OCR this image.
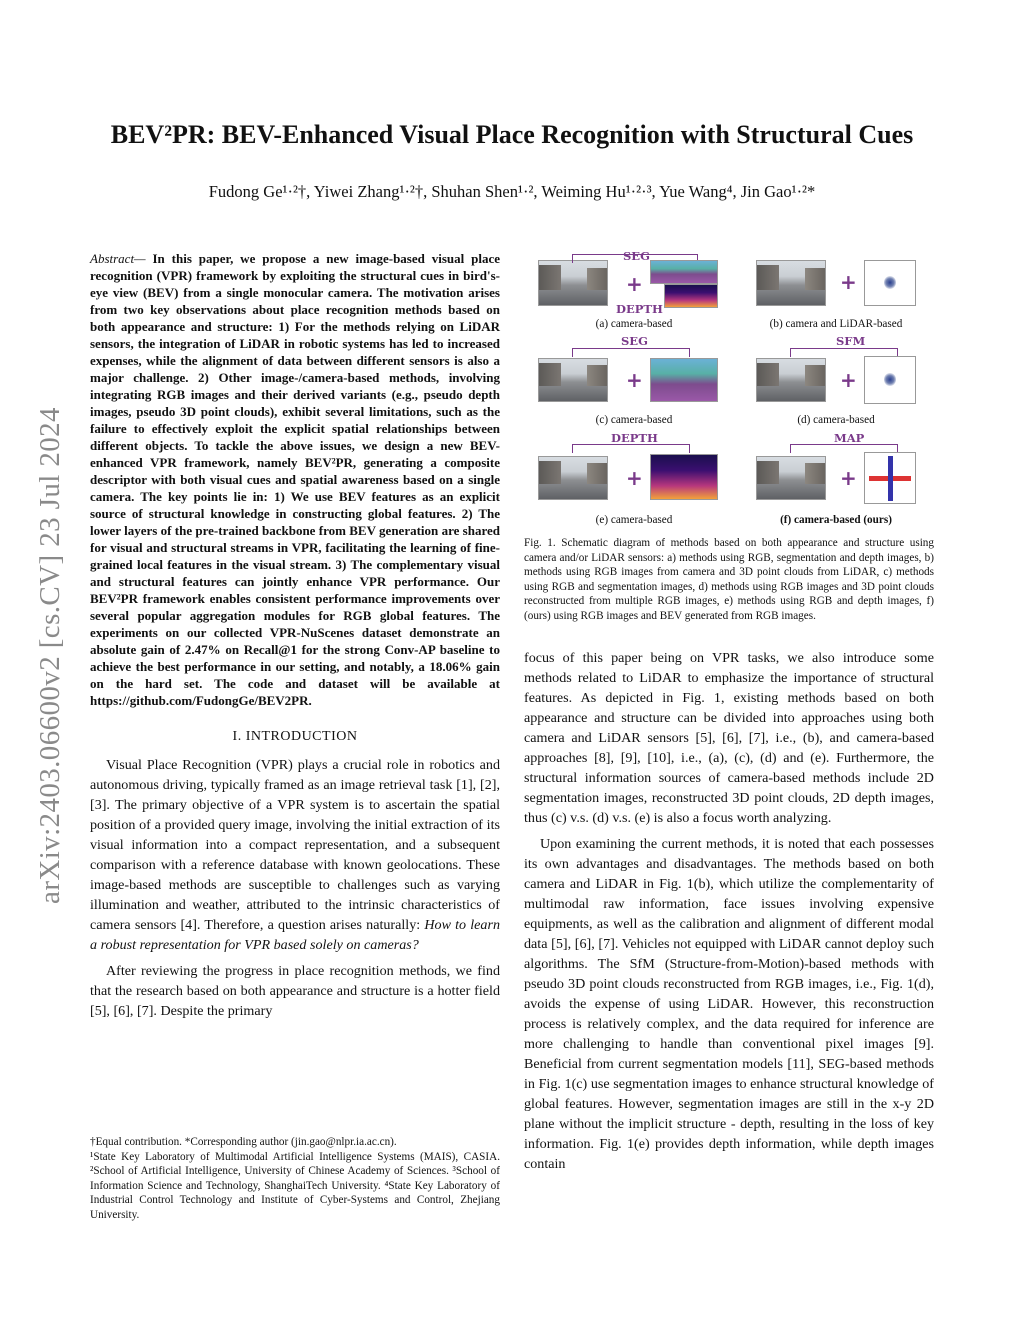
arXiv:2403.06600v2 [cs.CV] 23 Jul 2024
BEV²PR: BEV-Enhanced Visual Place Recognition with Structural Cues
Fudong Ge¹·²†, Yiwei Zhang¹·²†, Shuhan Shen¹·², Weiming Hu¹·²·³, Yue Wang⁴, Jin Gao¹·²*

Abstract— In this paper, we propose a new image-based visual place recognition (VPR) framework by exploiting the structural cues in bird's-eye view (BEV) from a single monocular camera. The motivation arises from two key observations about place recognition methods based on both appearance and structure: 1) For the methods relying on LiDAR sensors, the integration of LiDAR in robotic systems has led to increased expenses, while the alignment of data between different sensors is also a major challenge. 2) Other image-/camera-based methods, involving integrating RGB images and their derived variants (e.g., pseudo depth images, pseudo 3D point clouds), exhibit several limitations, such as the failure to effectively exploit the explicit spatial relationships between different objects. To tackle the above issues, we design a new BEV-enhanced VPR framework, namely BEV²PR, generating a composite descriptor with both visual cues and spatial awareness based on a single camera. The key points lie in: 1) We use BEV features as an explicit source of structural knowledge in constructing global features. 2) The lower layers of the pre-trained backbone from BEV generation are shared for visual and structural streams in VPR, facilitating the learning of fine-grained local features in the visual stream. 3) The complementary visual and structural features can jointly enhance VPR performance. Our BEV²PR framework enables consistent performance improvements over several popular aggregation modules for RGB global features. The experiments on our collected VPR-NuScenes dataset demonstrate an absolute gain of 2.47% on Recall@1 for the strong Conv-AP baseline to achieve the best performance in our setting, and notably, a 18.06% gain on the hard set. The code and dataset will be available at https://github.com/FudongGe/BEV2PR.

I. INTRODUCTION

Visual Place Recognition (VPR) plays a crucial role in robotics and autonomous driving, typically framed as an image retrieval task [1], [2], [3]. The primary objective of a VPR system is to ascertain the spatial position of a provided query image, involving the initial extraction of its visual information into a compact representation, and a subsequent comparison with a reference database with known geolocations. These image-based methods are susceptible to challenges such as varying illumination and weather, attributed to the intrinsic characteristics of camera sensors [4]. Therefore, a question arises naturally: How to learn a robust representation for VPR based solely on cameras?

After reviewing the progress in place recognition methods, we find that the research based on both appearance and structure is a hotter field [5], [6], [7]. Despite the primary

†Equal contribution. *Corresponding author (jin.gao@nlpr.ia.ac.cn).

¹State Key Laboratory of Multimodal Artificial Intelligence Systems (MAIS), CASIA. ²School of Artificial Intelligence, University of Chinese Academy of Sciences. ³School of Information Science and Technology, ShanghaiTech University. ⁴State Key Laboratory of Industrial Control Technology and Institute of Cyber-Systems and Control, Zhejiang University.

SEG
+
DEPTH
(a) camera-based
+
(b) camera and LiDAR-based
SEG
+
(c) camera-based
SFM
+
(d) camera-based
DEPTH
+
(e) camera-based
MAP
+
(f) camera-based (ours)
Fig. 1. Schematic diagram of methods based on both appearance and structure using camera and/or LiDAR sensors: a) methods using RGB, segmentation and depth images, b) methods using RGB images from camera and 3D point clouds from LiDAR, c) methods using RGB and segmentation images, d) methods using RGB images and 3D point clouds reconstructed from multiple RGB images, e) methods using RGB and depth images, f) (ours) using RGB images and BEV generated from RGB images.

focus of this paper being on VPR tasks, we also introduce some methods related to LiDAR to emphasize the importance of structural features. As depicted in Fig. 1, existing methods based on both appearance and structure can be divided into approaches using both camera and LiDAR sensors [5], [6], [7], i.e., (b), and camera-based approaches [8], [9], [10], i.e., (a), (c), (d) and (e). Furthermore, the structural information sources of camera-based methods include 2D segmentation images, reconstructed 3D point clouds, 2D depth images, thus (c) v.s. (d) v.s. (e) is also a focus worth analyzing.

Upon examining the current methods, it is noted that each possesses its own advantages and disadvantages. The methods based on both camera and LiDAR in Fig. 1(b), which utilize the complementarity of multimodal raw information, face issues involving expensive equipments, as well as the calibration and alignment of different modal data [5], [6], [7]. Vehicles not equipped with LiDAR cannot deploy such algorithms. The SfM (Structure-from-Motion)-based methods with pseudo 3D point clouds reconstructed from RGB images, i.e., Fig. 1(d), avoids the expense of using LiDAR. However, this reconstruction process is relatively complex, and the data required for inference are more challenging to handle than conventional pixel images [9]. Beneficial from current segmentation models [11], SEG-based methods in Fig. 1(c) use segmentation images to enhance structural knowledge of global features. However, segmentation images are still in the x-y 2D plane without the implicit structure - depth, resulting in the loss of key information. Fig. 1(e) provides depth information, while depth images contain
